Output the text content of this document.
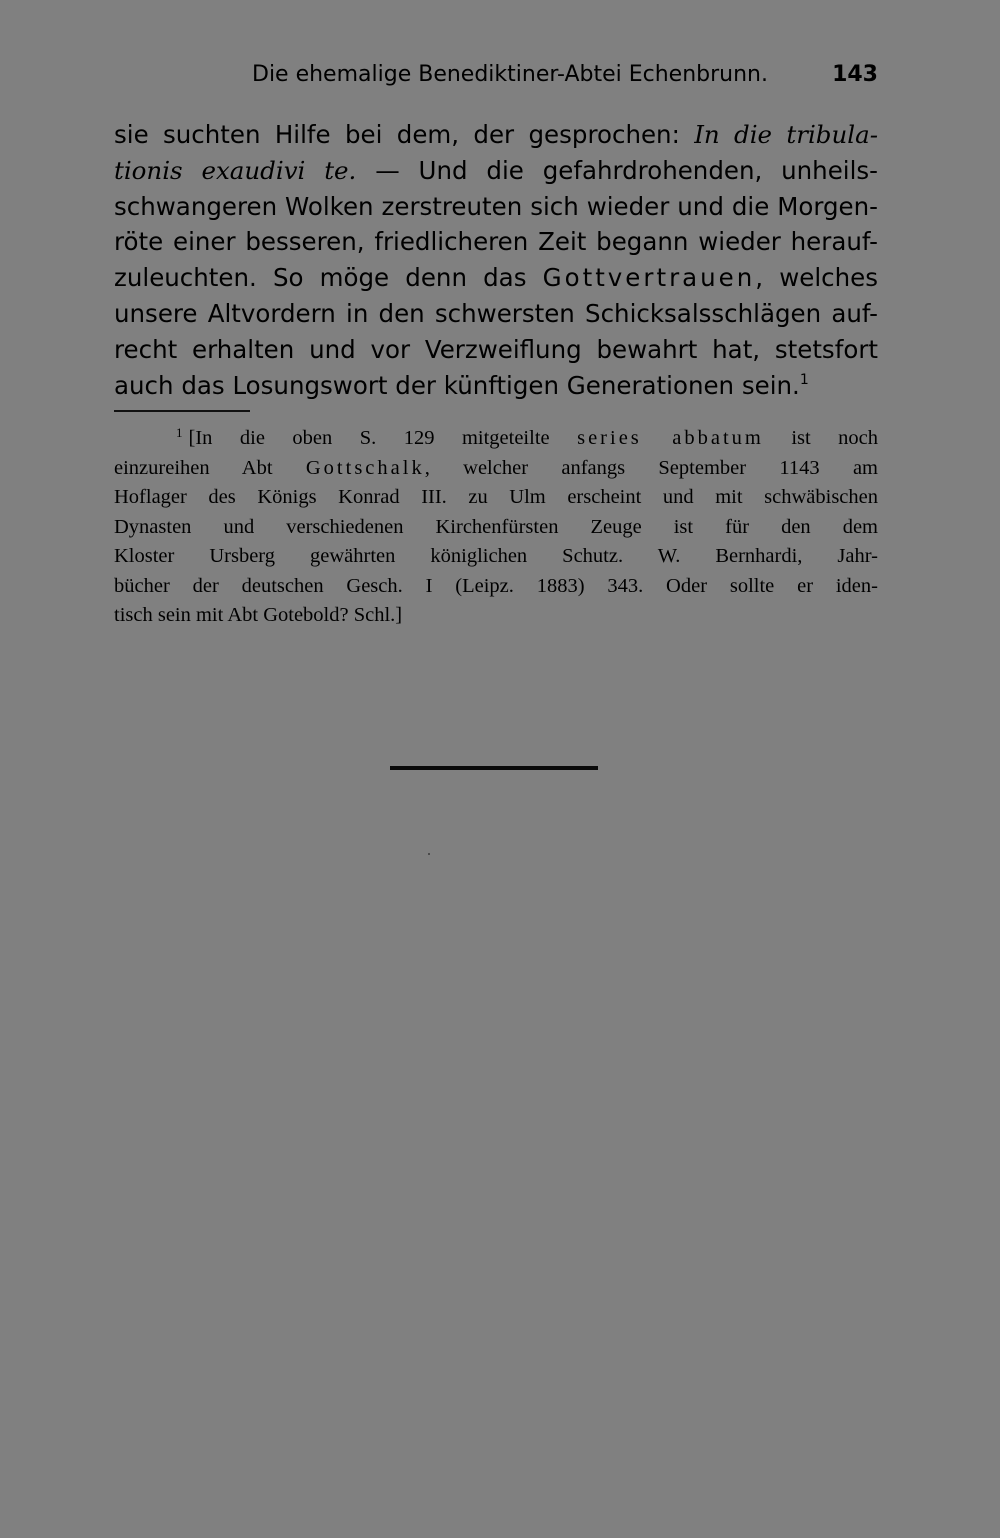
Die ehemalige Benediktiner-Abtei Echenbrunn.	143
sie suchten Hilfe bei dem, der gesprochen: In die tribula-
tionis exaudivi te. — Und die gefahrdrohenden, unheils-
schwangeren Wolken zerstreuten sich wieder und die Morgen-
röte einer besseren, friedlicheren Zeit begann wieder herauf-
zuleuchten. So möge denn das Gottvertrauen, welches
unsere Altvordern in den schwersten Schicksalsschlägen auf-
recht erhalten und vor Verzweiflung bewahrt hat, stetsfort
auch das Losungswort der künftigen Generationen sein.$^1$
$^1$ [In die oben S. 129 mitgeteilte series abbatum ist noch
einzureihen Abt Gottschalk, welcher anfangs September 1143 am
Hoflager des Königs Konrad III. zu Ulm erscheint und mit schwäbischen
Dynasten und verschiedenen Kirchenfürsten Zeuge ist für den dem
Kloster Ursberg gewährten königlichen Schutz. W. Bernhardi, Jahr-
bücher der deutschen Gesch. I (Leipz. 1883) 343. Oder sollte er iden-
tisch sein mit Abt Gotebold? Schl.]
